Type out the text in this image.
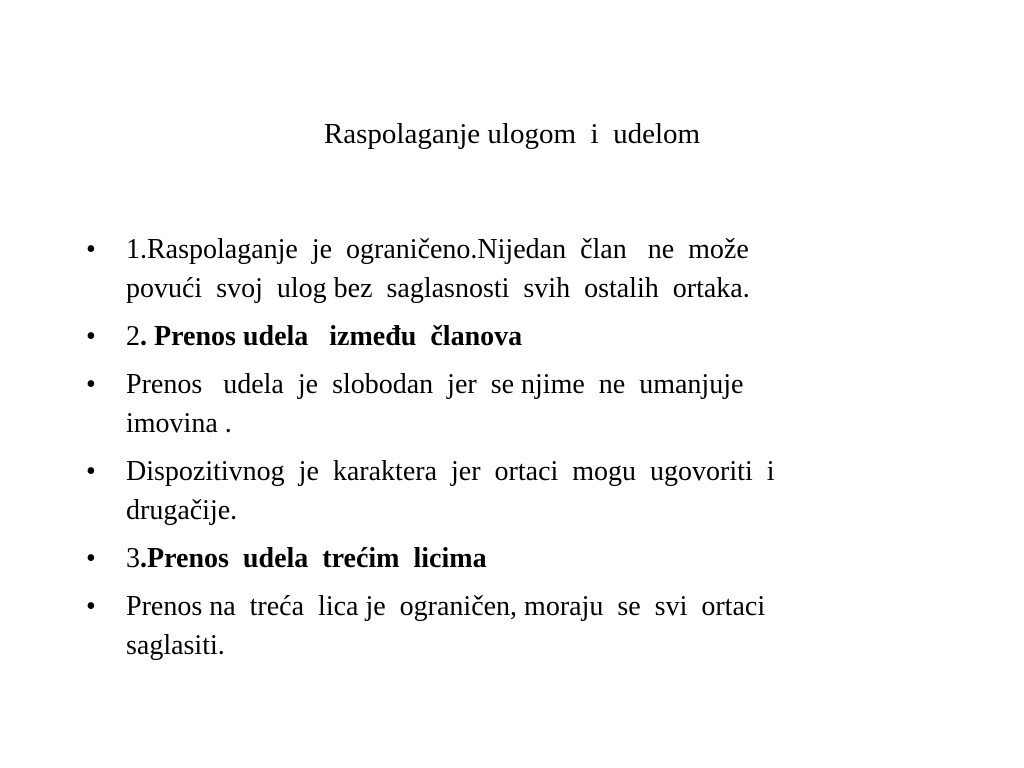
Raspolaganje ulogom  i  udelom
•	1.Raspolaganje  je  ograničeno.Nijedan  član   ne  može
povući  svoj  ulog bez  saglasnosti  svih  ostalih  ortaka.
•	2. Prenos udela   između  članova
•	Prenos   udela  je  slobodan  jer  se njime  ne  umanjuje
imovina .
•	Dispozitivnog  je  karaktera  jer  ortaci  mogu  ugovoriti  i
drugačije.
•	3.Prenos  udela  trećim  licima
•	Prenos na  treća  lica je  ograničen, moraju  se  svi  ortaci
saglasiti.
